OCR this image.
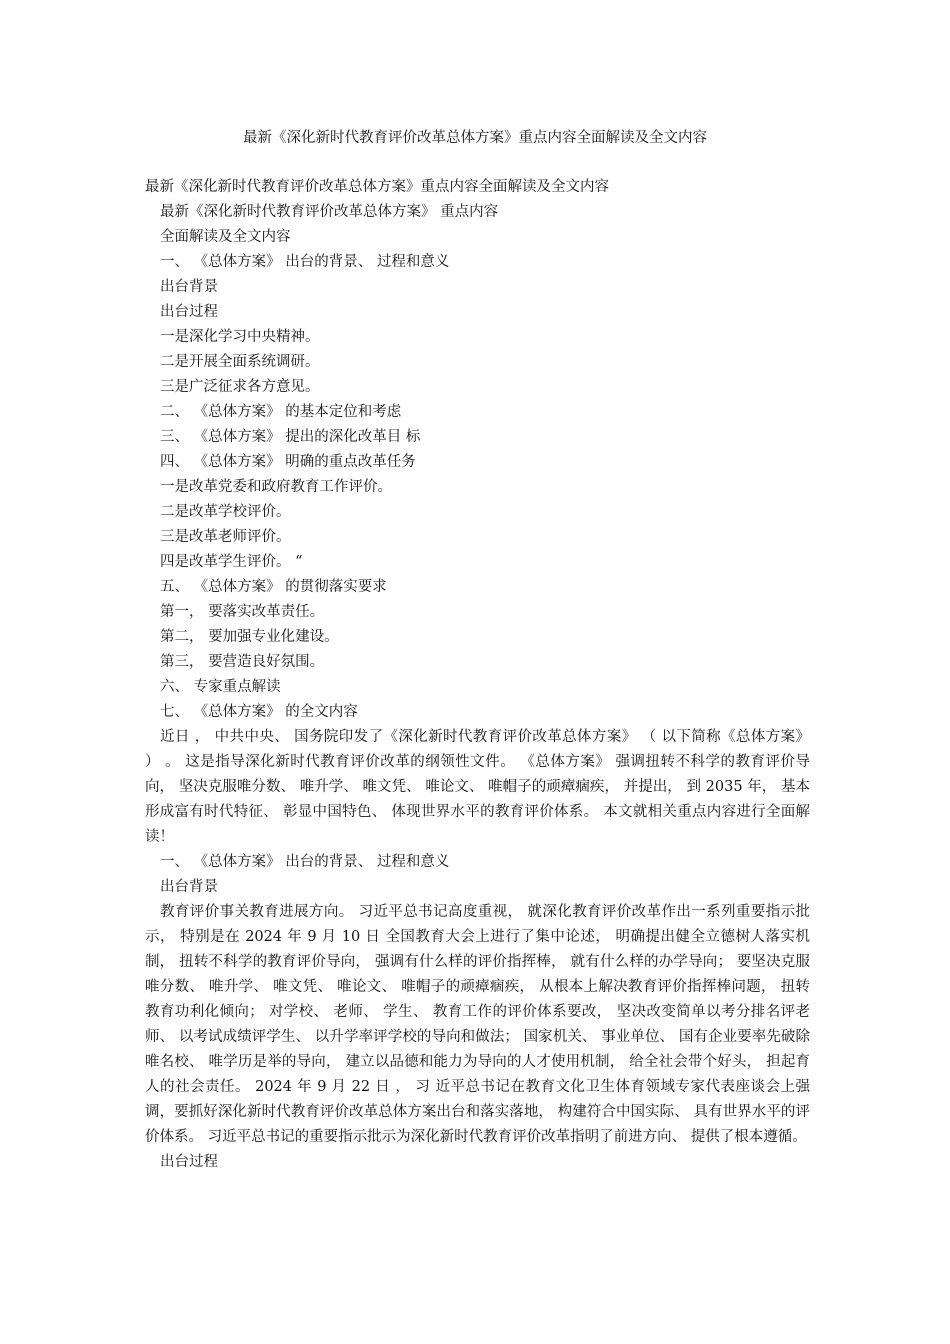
最新《深化新时代教育评价改革总体方案》重点内容全面解读及全文内容

最新《深化新时代教育评价改革总体方案》重点内容全面解读及全文内容

最新《深化新时代教育评价改革总体方案》 重点内容

全面解读及全文内容

一、 《总体方案》 出台的背景、 过程和意义

出台背景

出台过程

一是深化学习中央精神。

二是开展全面系统调研。

三是广泛征求各方意见。

二、 《总体方案》 的基本定位和考虑

三、 《总体方案》 提出的深化改革目 标

四、 《总体方案》 明确的重点改革任务

一是改革党委和政府教育工作评价。

二是改革学校评价。

三是改革老师评价。

四是改革学生评价。 “

五、 《总体方案》 的贯彻落实要求

第一， 要落实改革责任。

第二， 要加强专业化建设。

第三， 要营造良好氛围。

六、 专家重点解读

七、 《总体方案》 的全文内容

近日 ， 中共中央、 国务院印发了《深化新时代教育评价改革总体方案》 （ 以下简称《总体方案》 ） 。 这是指导深化新时代教育评价改革的纲领性文件。 《总体方案》 强调扭转不科学的教育评价导向， 坚决克服唯分数、 唯升学、 唯文凭、 唯论文、 唯帽子的顽瘴痼疾， 并提出， 到 2035 年， 基本形成富有时代特征、 彰显中国特色、 体现世界水平的教育评价体系。 本文就相关重点内容进行全面解读！

一、 《总体方案》 出台的背景、 过程和意义

出台背景

教育评价事关教育进展方向。 习近平总书记高度重视， 就深化教育评价改革作出一系列重要指示批示， 特别是在 2024 年 9 月 10 日 全国教育大会上进行了集中论述， 明确提出健全立德树人落实机制， 扭转不科学的教育评价导向， 强调有什么样的评价指挥棒， 就有什么样的办学导向； 要坚决克服唯分数、 唯升学、 唯文凭、 唯论文、 唯帽子的顽瘴痼疾， 从根本上解决教育评价指挥棒问题， 扭转教育功利化倾向； 对学校、 老师、 学生、 教育工作的评价体系要改， 坚决改变简单以考分排名评老师、 以考试成绩评学生、 以升学率评学校的导向和做法； 国家机关、 事业单位、 国有企业要率先破除唯名校、 唯学历是举的导向， 建立以品德和能力为导向的人才使用机制， 给全社会带个好头， 担起育人的社会责任。 2024 年 9 月 22 日 ， 习 近平总书记在教育文化卫生体育领域专家代表座谈会上强调，要抓好深化新时代教育评价改革总体方案出台和落实落地， 构建符合中国实际、 具有世界水平的评价体系。 习近平总书记的重要指示批示为深化新时代教育评价改革指明了前进方向、 提供了根本遵循。

出台过程
